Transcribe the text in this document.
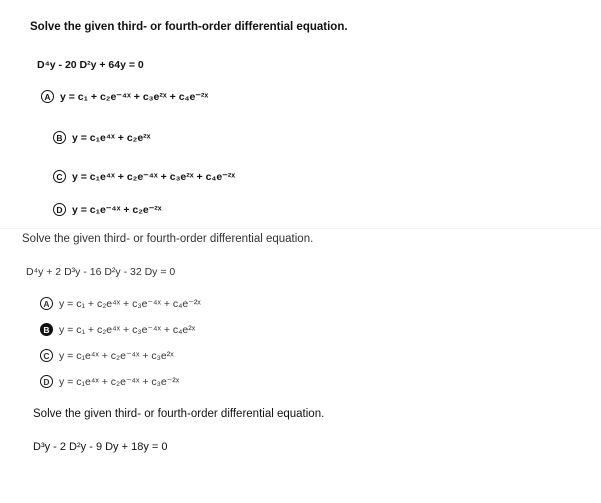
Solve the given third- or fourth-order differential equation.
D⁴y - 20 D²y + 64y = 0
A y = c₁ + c₂e⁻⁴ˣ + c₃e²ˣ + c₄e⁻²ˣ
B y = c₁e⁴ˣ + c₂e²ˣ
C y = c₁e⁴ˣ + c₂e⁻⁴ˣ + c₃e²ˣ + c₄e⁻²ˣ
D y = c₁e⁻⁴ˣ + c₂e⁻²ˣ
Solve the given third- or fourth-order differential equation.
D⁴y + 2 D³y - 16 D²y - 32 Dy = 0
A y = c₁ + c₂e⁴ˣ + c₃e⁻⁴ˣ + c₄e⁻²ˣ
B y = c₁ + c₂e⁴ˣ + c₃e⁻⁴ˣ + c₄e²ˣ
C y = c₁e⁴ˣ + c₂e⁻⁴ˣ + c₃e²ˣ
D y = c₁e⁴ˣ + c₂e⁻⁴ˣ + c₃e⁻²ˣ
Solve the given third- or fourth-order differential equation.
D³y - 2 D²y - 9 Dy + 18y = 0
